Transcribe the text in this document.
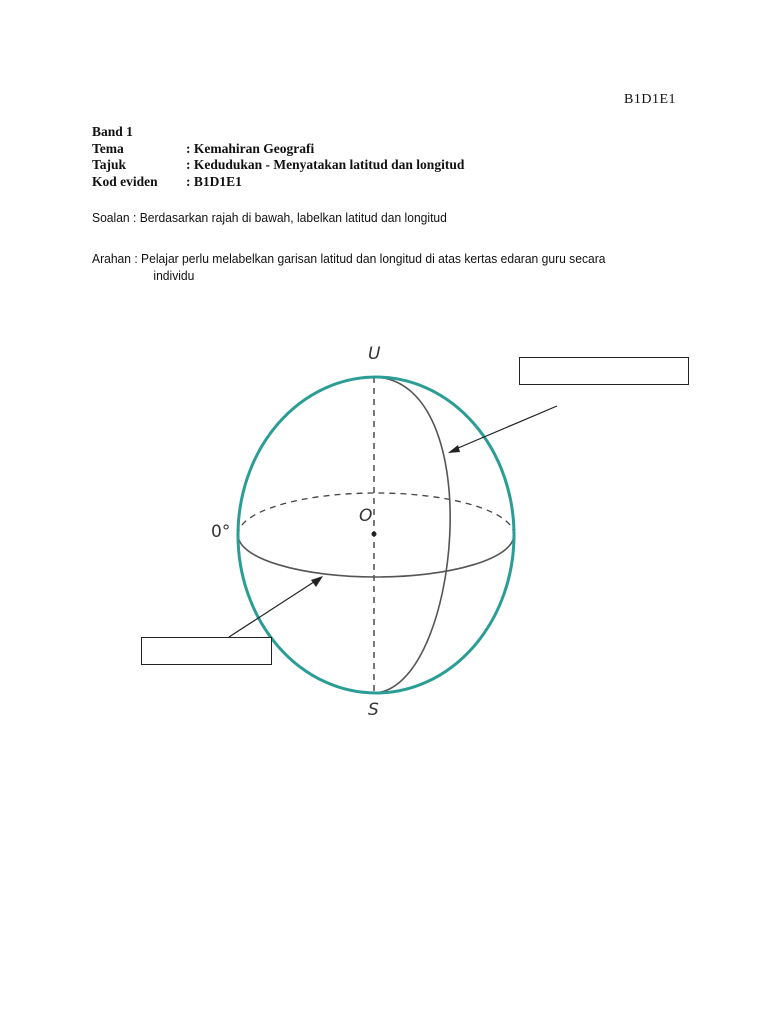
B1D1E1
Band 1
Tema	: Kemahiran Geografi
Tajuk	: Kedudukan - Menyatakan latitud dan longitud
Kod eviden	: B1D1E1
Soalan : Berdasarkan rajah di bawah, labelkan latitud dan longitud
Arahan : Pelajar perlu melabelkan garisan latitud dan longitud di atas kertas edaran guru secara
individu
U
S
O
0°
